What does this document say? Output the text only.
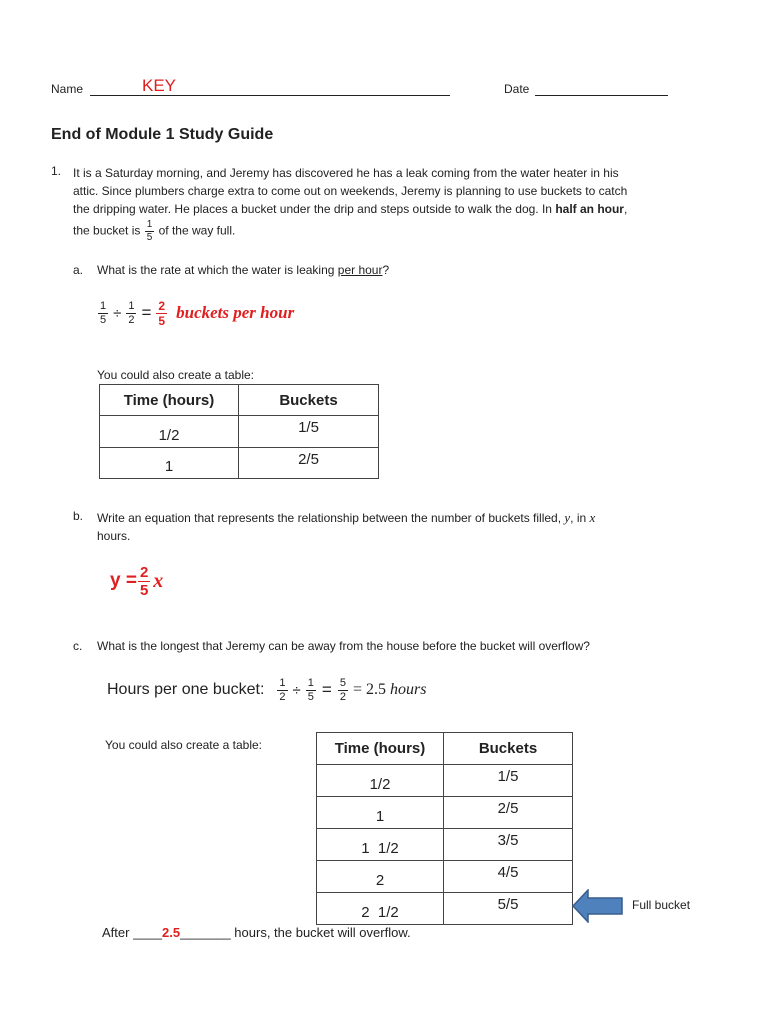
Name	KEY	Date
End of Module 1 Study Guide
1. It is a Saturday morning, and Jeremy has discovered he has a leak coming from the water heater in his
attic. Since plumbers charge extra to come out on weekends, Jeremy is planning to use buckets to catch
the dripping water. He places a bucket under the drip and steps outside to walk the dog. In half an hour,
the bucket is $\frac{1}{5}$ of the way full.
a. What is the rate at which the water is leaking per hour?
$\frac{1}{5} \div \frac{1}{2} = \frac{2}{5}$ buckets per hour
You could also create a table:
Time (hours)	Buckets
1/2	1/5
1	2/5
b. Write an equation that represents the relationship between the number of buckets filled, y, in x
hours.
$y = \frac{2}{5}$ x
c. What is the longest that Jeremy can be away from the house before the bucket will overflow?
Hours per one bucket: $\frac{1}{2} \div \frac{1}{5} = \frac{5}{2} = 2.5$ hours
You could also create a table:	Time (hours)	Buckets
1/2	1/5
1	2/5
1  1/2	3/5
2	4/5
2  1/2	5/5	Full bucket
After ____2.5_______ hours, the bucket will overflow.
